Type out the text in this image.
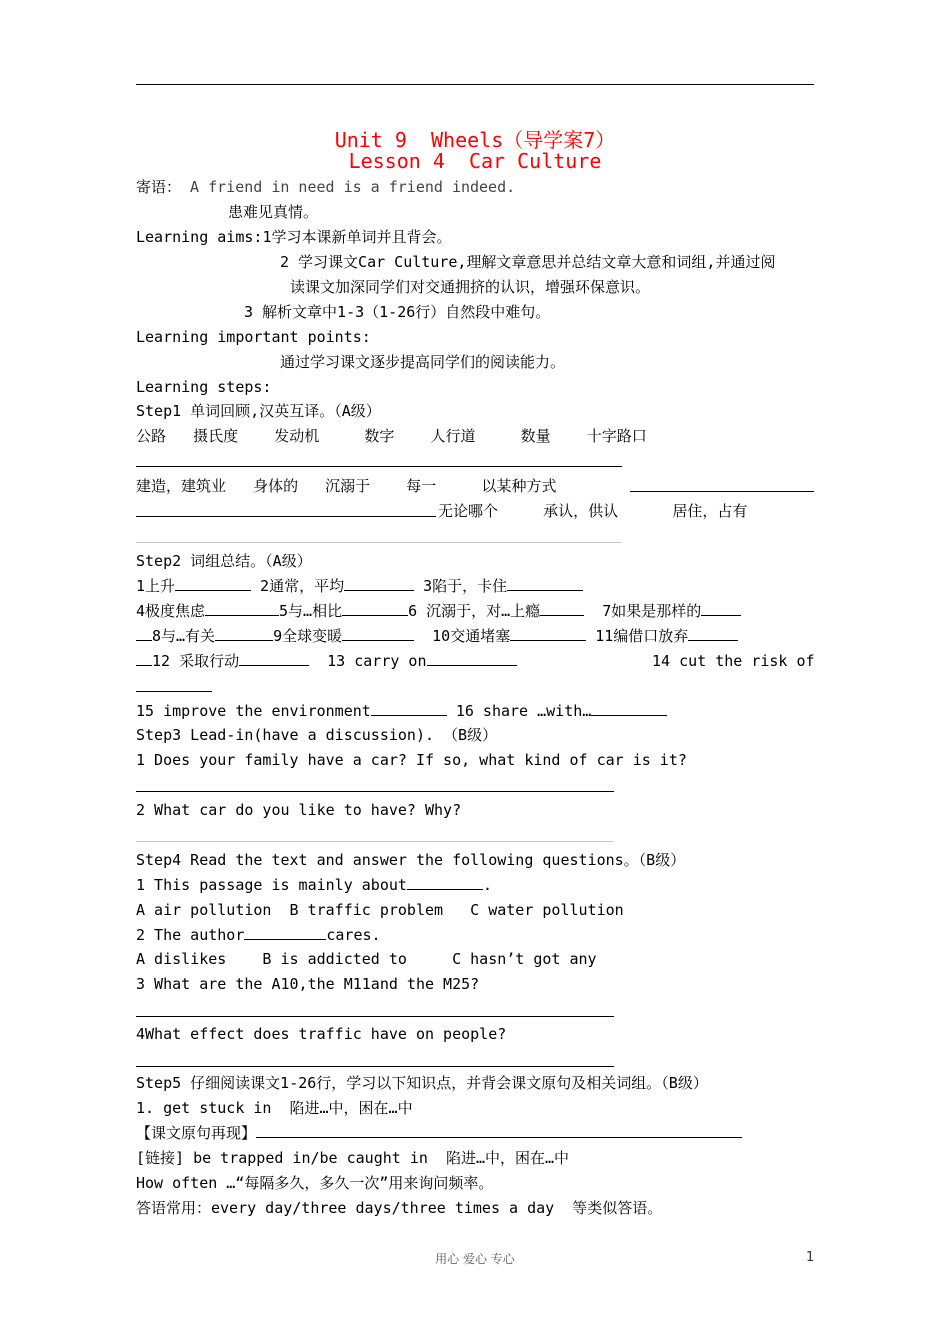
Unit 9  Wheels（导学案7）
Lesson 4  Car Culture
寄语： A friend in need is a friend indeed.
患难见真情。
Learning aims:1学习本课新单词并且背会。
2 学习课文Car Culture,理解文章意思并总结文章大意和词组,并通过阅
读课文加深同学们对交通拥挤的认识，增强环保意识。
3 解析文章中1-3（1-26行）自然段中难句。
Learning important points:
通过学习课文逐步提高同学们的阅读能力。
Learning steps:
Step1 单词回顾,汉英互译。（A级）
公路   摄氏度    发动机     数字    人行道     数量    十字路口
建造，建筑业   身体的   沉溺于    每一     以某种方式
无论哪个     承认，供认      居住，占有
Step2 词组总结。（A级）
1上升	2通常，平均	3陷于，卡住
4极度焦虑	5与…相比	6 沉溺于，对…上瘾	7如果是那样的
8与…有关	9全球变暖	10交通堵塞	11编借口放弃
12 采取行动	13 carry on	14 cut the risk of
15 improve the environment	16 share …with…
Step3 Lead-in(have a discussion). （B级）
1 Does your family have a car? If so, what kind of car is it?
2 What car do you like to have? Why?
Step4 Read the text and answer the following questions。（B级）
1 This passage is mainly about	.
A air pollution  B traffic problem   C water pollution
2 The author	cares.
A dislikes    B is addicted to     C hasn’t got any
3 What are the A10,the M11and the M25?
4What effect does traffic have on people?
Step5 仔细阅读课文1-26行，学习以下知识点，并背会课文原句及相关词组。（B级）
1. get stuck in  陷进…中，困在…中
【课文原句再现】
[链接] be trapped in/be caught in  陷进…中，困在…中
How often …“每隔多久，多久一次”用来询问频率。
答语常用：every day/three days/three times a day  等类似答语。
用心 爱心 专心	1
